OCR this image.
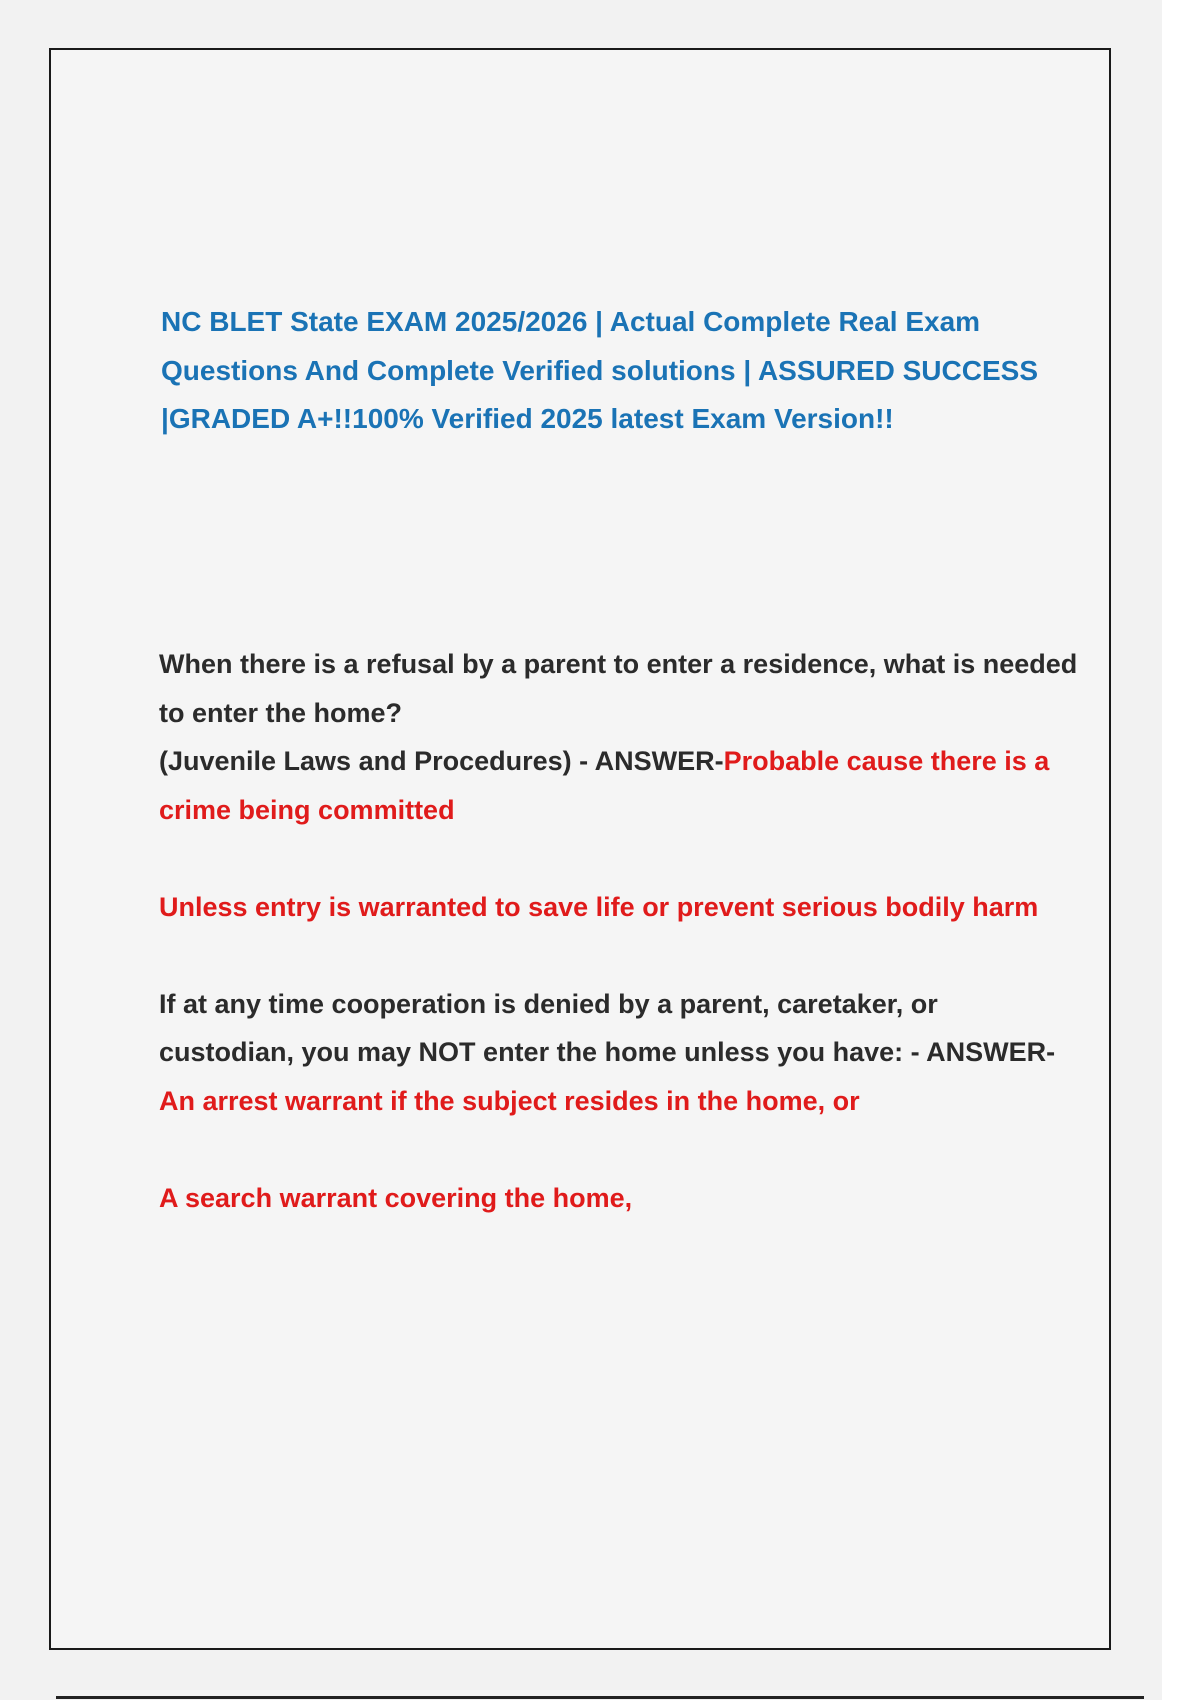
NC BLET State EXAM 2025/2026 | Actual Complete Real Exam Questions And Complete Verified solutions | ASSURED SUCCESS |GRADED A+!!100% Verified 2025 latest Exam Version!!

When there is a refusal by a parent to enter a residence, what is needed to enter the home?
(Juvenile Laws and Procedures) - ANSWER-Probable cause there is a crime being committed

Unless entry is warranted to save life or prevent serious bodily harm

If at any time cooperation is denied by a parent, caretaker, or custodian, you may NOT enter the home unless you have: - ANSWER-An arrest warrant if the subject resides in the home, or

A search warrant covering the home,
